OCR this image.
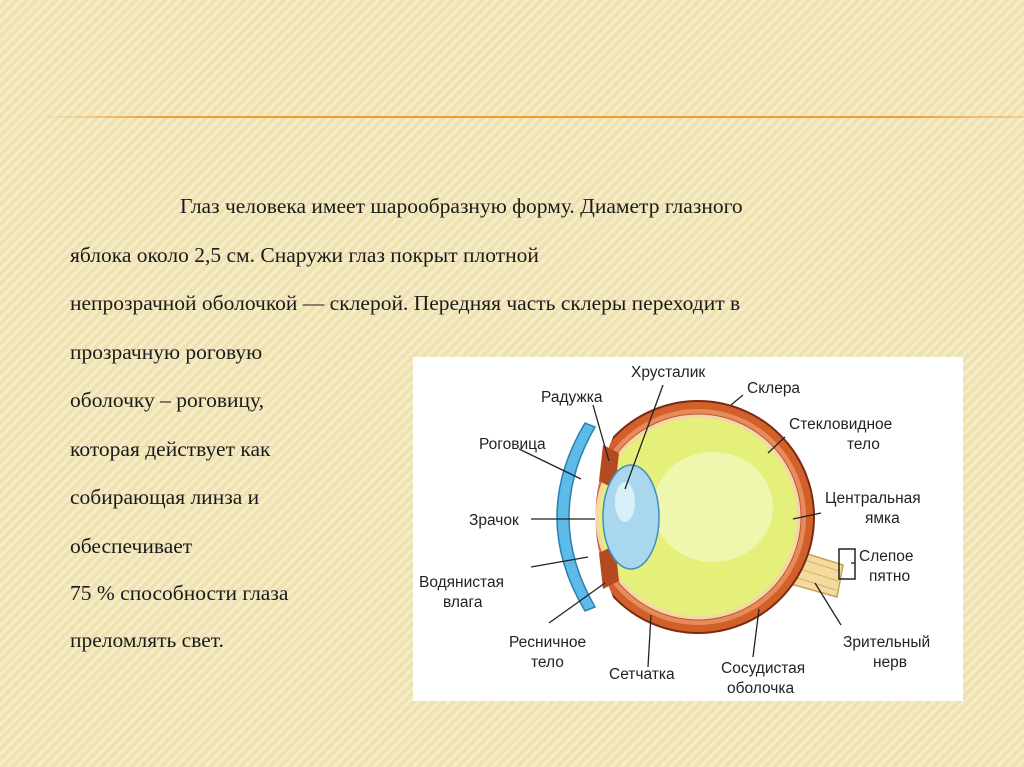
Глаз человека имеет шарообразную форму. Диаметр глазного
яблока около 2,5 см. Снаружи глаз покрыт плотной
непрозрачной оболочкой — склерой. Передняя часть склеры переходит в
прозрачную роговую
оболочку – роговицу,
которая действует как
собирающая линза и
обеспечивает
75 % способности глаза
преломлять свет.
Хрусталик
Радужка
Склера
Стекловидное
тело
Роговица
Центральная
ямка
Зрачок
Слепое
пятно
Водянистая
влага
Зрительный
нерв
Ресничное
тело
Сетчатка	Сосудистая
оболочка
